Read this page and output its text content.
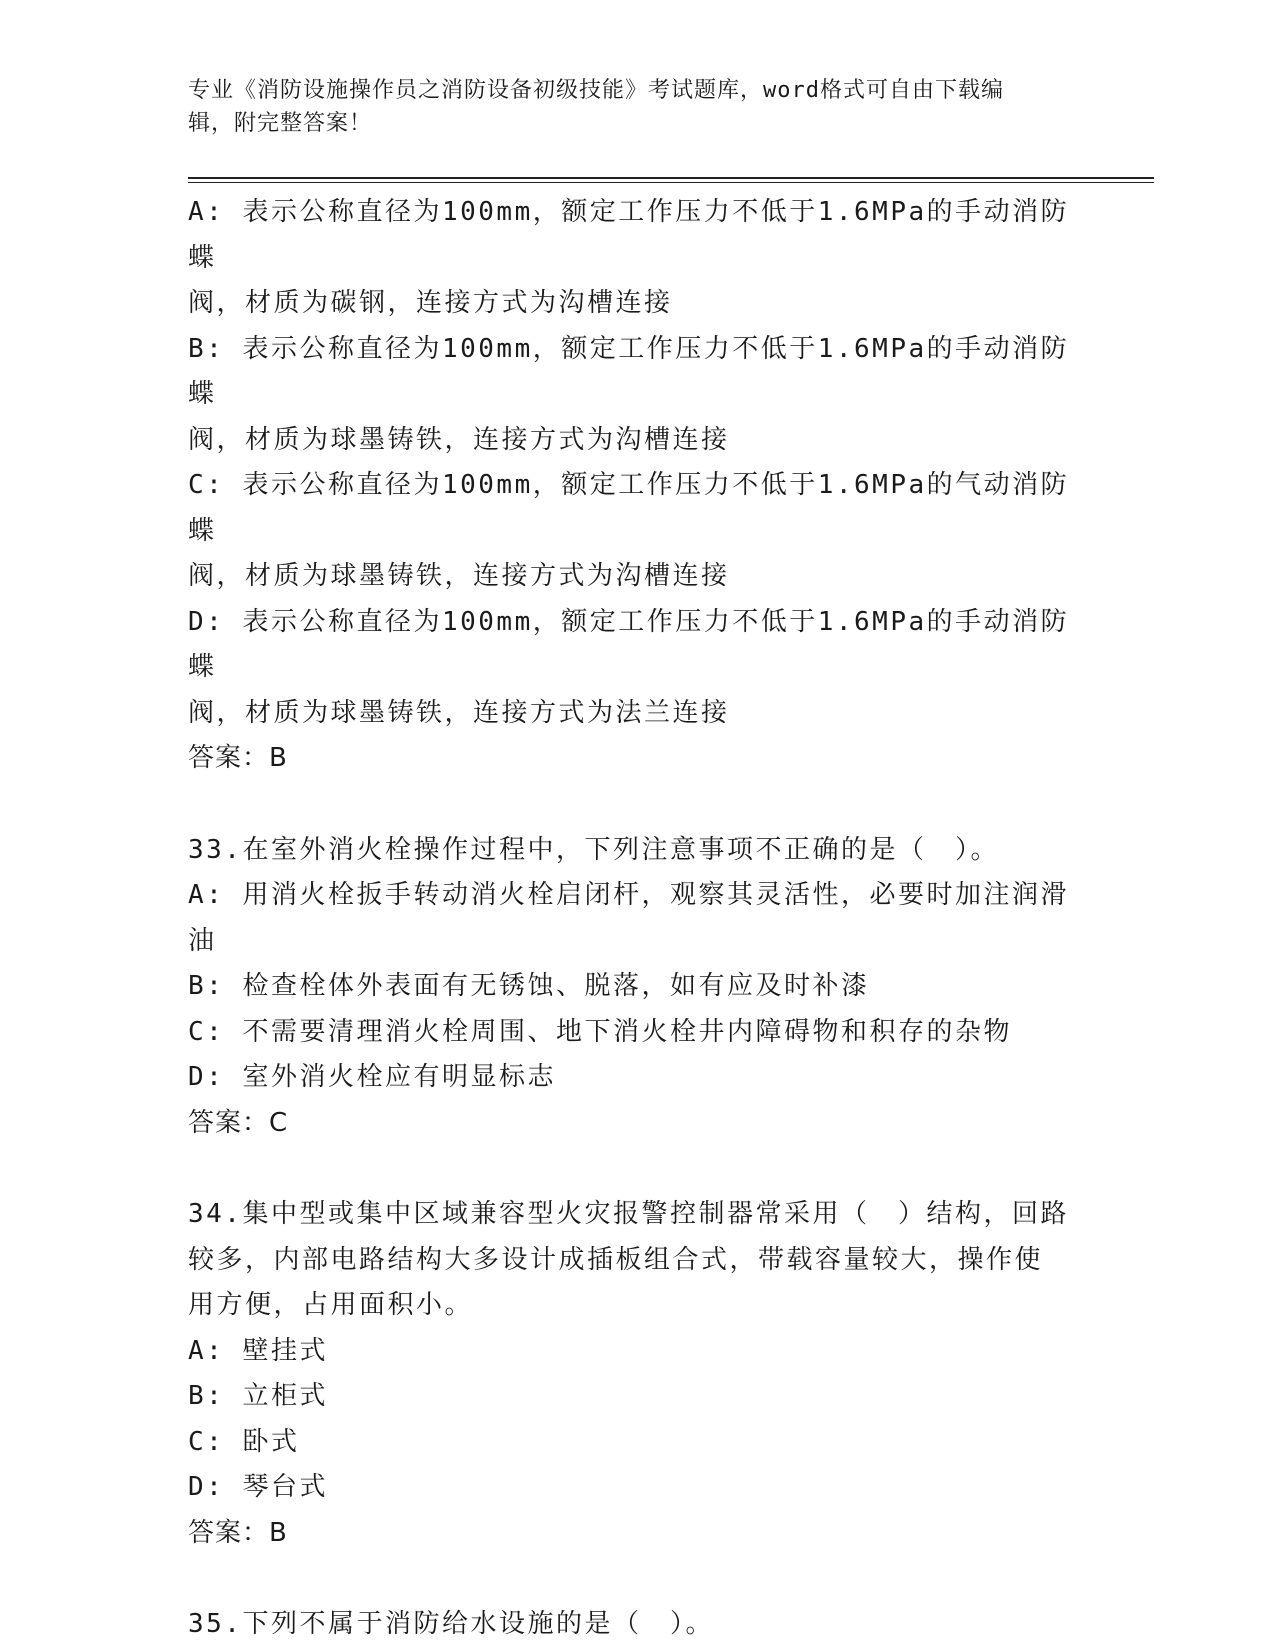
专业《消防设施操作员之消防设备初级技能》考试题库，word格式可自由下载编
辑，附完整答案！
A: 表示公称直径为100mm，额定工作压力不低于1.6MPa的手动消防蝶
阀，材质为碳钢，连接方式为沟槽连接
B: 表示公称直径为100mm，额定工作压力不低于1.6MPa的手动消防蝶
阀，材质为球墨铸铁，连接方式为沟槽连接
C: 表示公称直径为100mm，额定工作压力不低于1.6MPa的气动消防蝶
阀，材质为球墨铸铁，连接方式为沟槽连接
D: 表示公称直径为100mm，额定工作压力不低于1.6MPa的手动消防蝶
阀，材质为球墨铸铁，连接方式为法兰连接
答案：B
33.在室外消火栓操作过程中，下列注意事项不正确的是（　）。
A: 用消火栓扳手转动消火栓启闭杆，观察其灵活性，必要时加注润滑
油
B: 检查栓体外表面有无锈蚀、脱落，如有应及时补漆
C: 不需要清理消火栓周围、地下消火栓井内障碍物和积存的杂物
D: 室外消火栓应有明显标志
答案：C
34.集中型或集中区域兼容型火灾报警控制器常采用（　）结构，回路
较多，内部电路结构大多设计成插板组合式，带载容量较大，操作使
用方便，占用面积小。
A: 壁挂式
B: 立柜式
C: 卧式
D: 琴台式
答案：B
35.下列不属于消防给水设施的是（　）。
